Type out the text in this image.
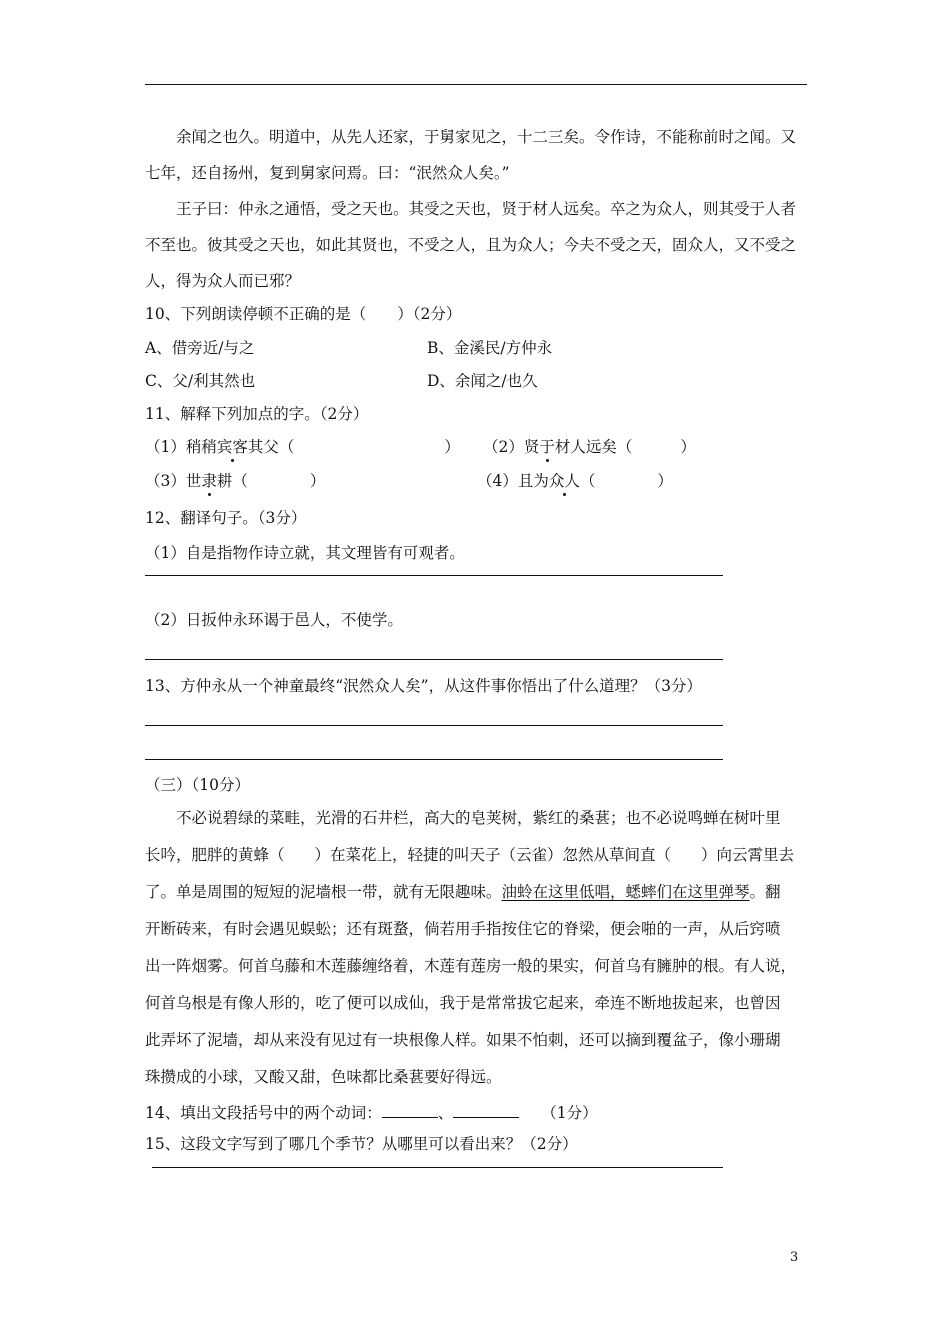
余闻之也久。明道中，从先人还家，于舅家见之，十二三矣。令作诗，不能称前时之闻。又
七年，还自扬州，复到舅家问焉。曰：“泯然众人矣。”
王子曰：仲永之通悟，受之天也。其受之天也，贤于材人远矣。卒之为众人，则其受于人者
不至也。彼其受之天也，如此其贤也，不受之人，且为众人；今夫不受之天，固众人，又不受之
人，得为众人而已邪？
10、下列朗读停顿不正确的是（　　）（2分）
A、借旁近/与之	B、金溪民/方仲永
C、父/利其然也	D、余闻之/也久
11、解释下列加点的字。（2分）
（1）稍稍宾客其父（	） （2）贤于材人远矣（	）
（3）世隶耕（	）	（4）且为众人（	）
12、翻译句子。（3分）
（1）自是指物作诗立就，其文理皆有可观者。
（2）日扳仲永环谒于邑人，不使学。
13、方仲永从一个神童最终“泯然众人矣”，从这件事你悟出了什么道理？（3分）
（三）（10分）
不必说碧绿的菜畦，光滑的石井栏，高大的皂荚树，紫红的桑葚；也不必说鸣蝉在树叶里
长吟，肥胖的黄蜂（ ）在菜花上，轻捷的叫天子（云雀）忽然从草间直（ ）向云霄里去
了。单是周围的短短的泥墙根一带，就有无限趣味。油蛉在这里低唱，蟋蟀们在这里弹琴。翻
开断砖来，有时会遇见蜈蚣；还有斑蝥，倘若用手指按住它的脊梁，便会啪的一声，从后窍喷
出一阵烟雾。何首乌藤和木莲藤缠络着，木莲有莲房一般的果实，何首乌有臃肿的根。有人说，
何首乌根是有像人形的，吃了便可以成仙，我于是常常拔它起来，牵连不断地拔起来，也曾因
此弄坏了泥墙，却从来没有见过有一块根像人样。如果不怕刺，还可以摘到覆盆子，像小珊瑚
珠攒成的小球，又酸又甜，色味都比桑葚要好得远。
14、填出文段括号中的两个动词：	、	（1分）
15、这段文字写到了哪几个季节？从哪里可以看出来？（2分）
3
